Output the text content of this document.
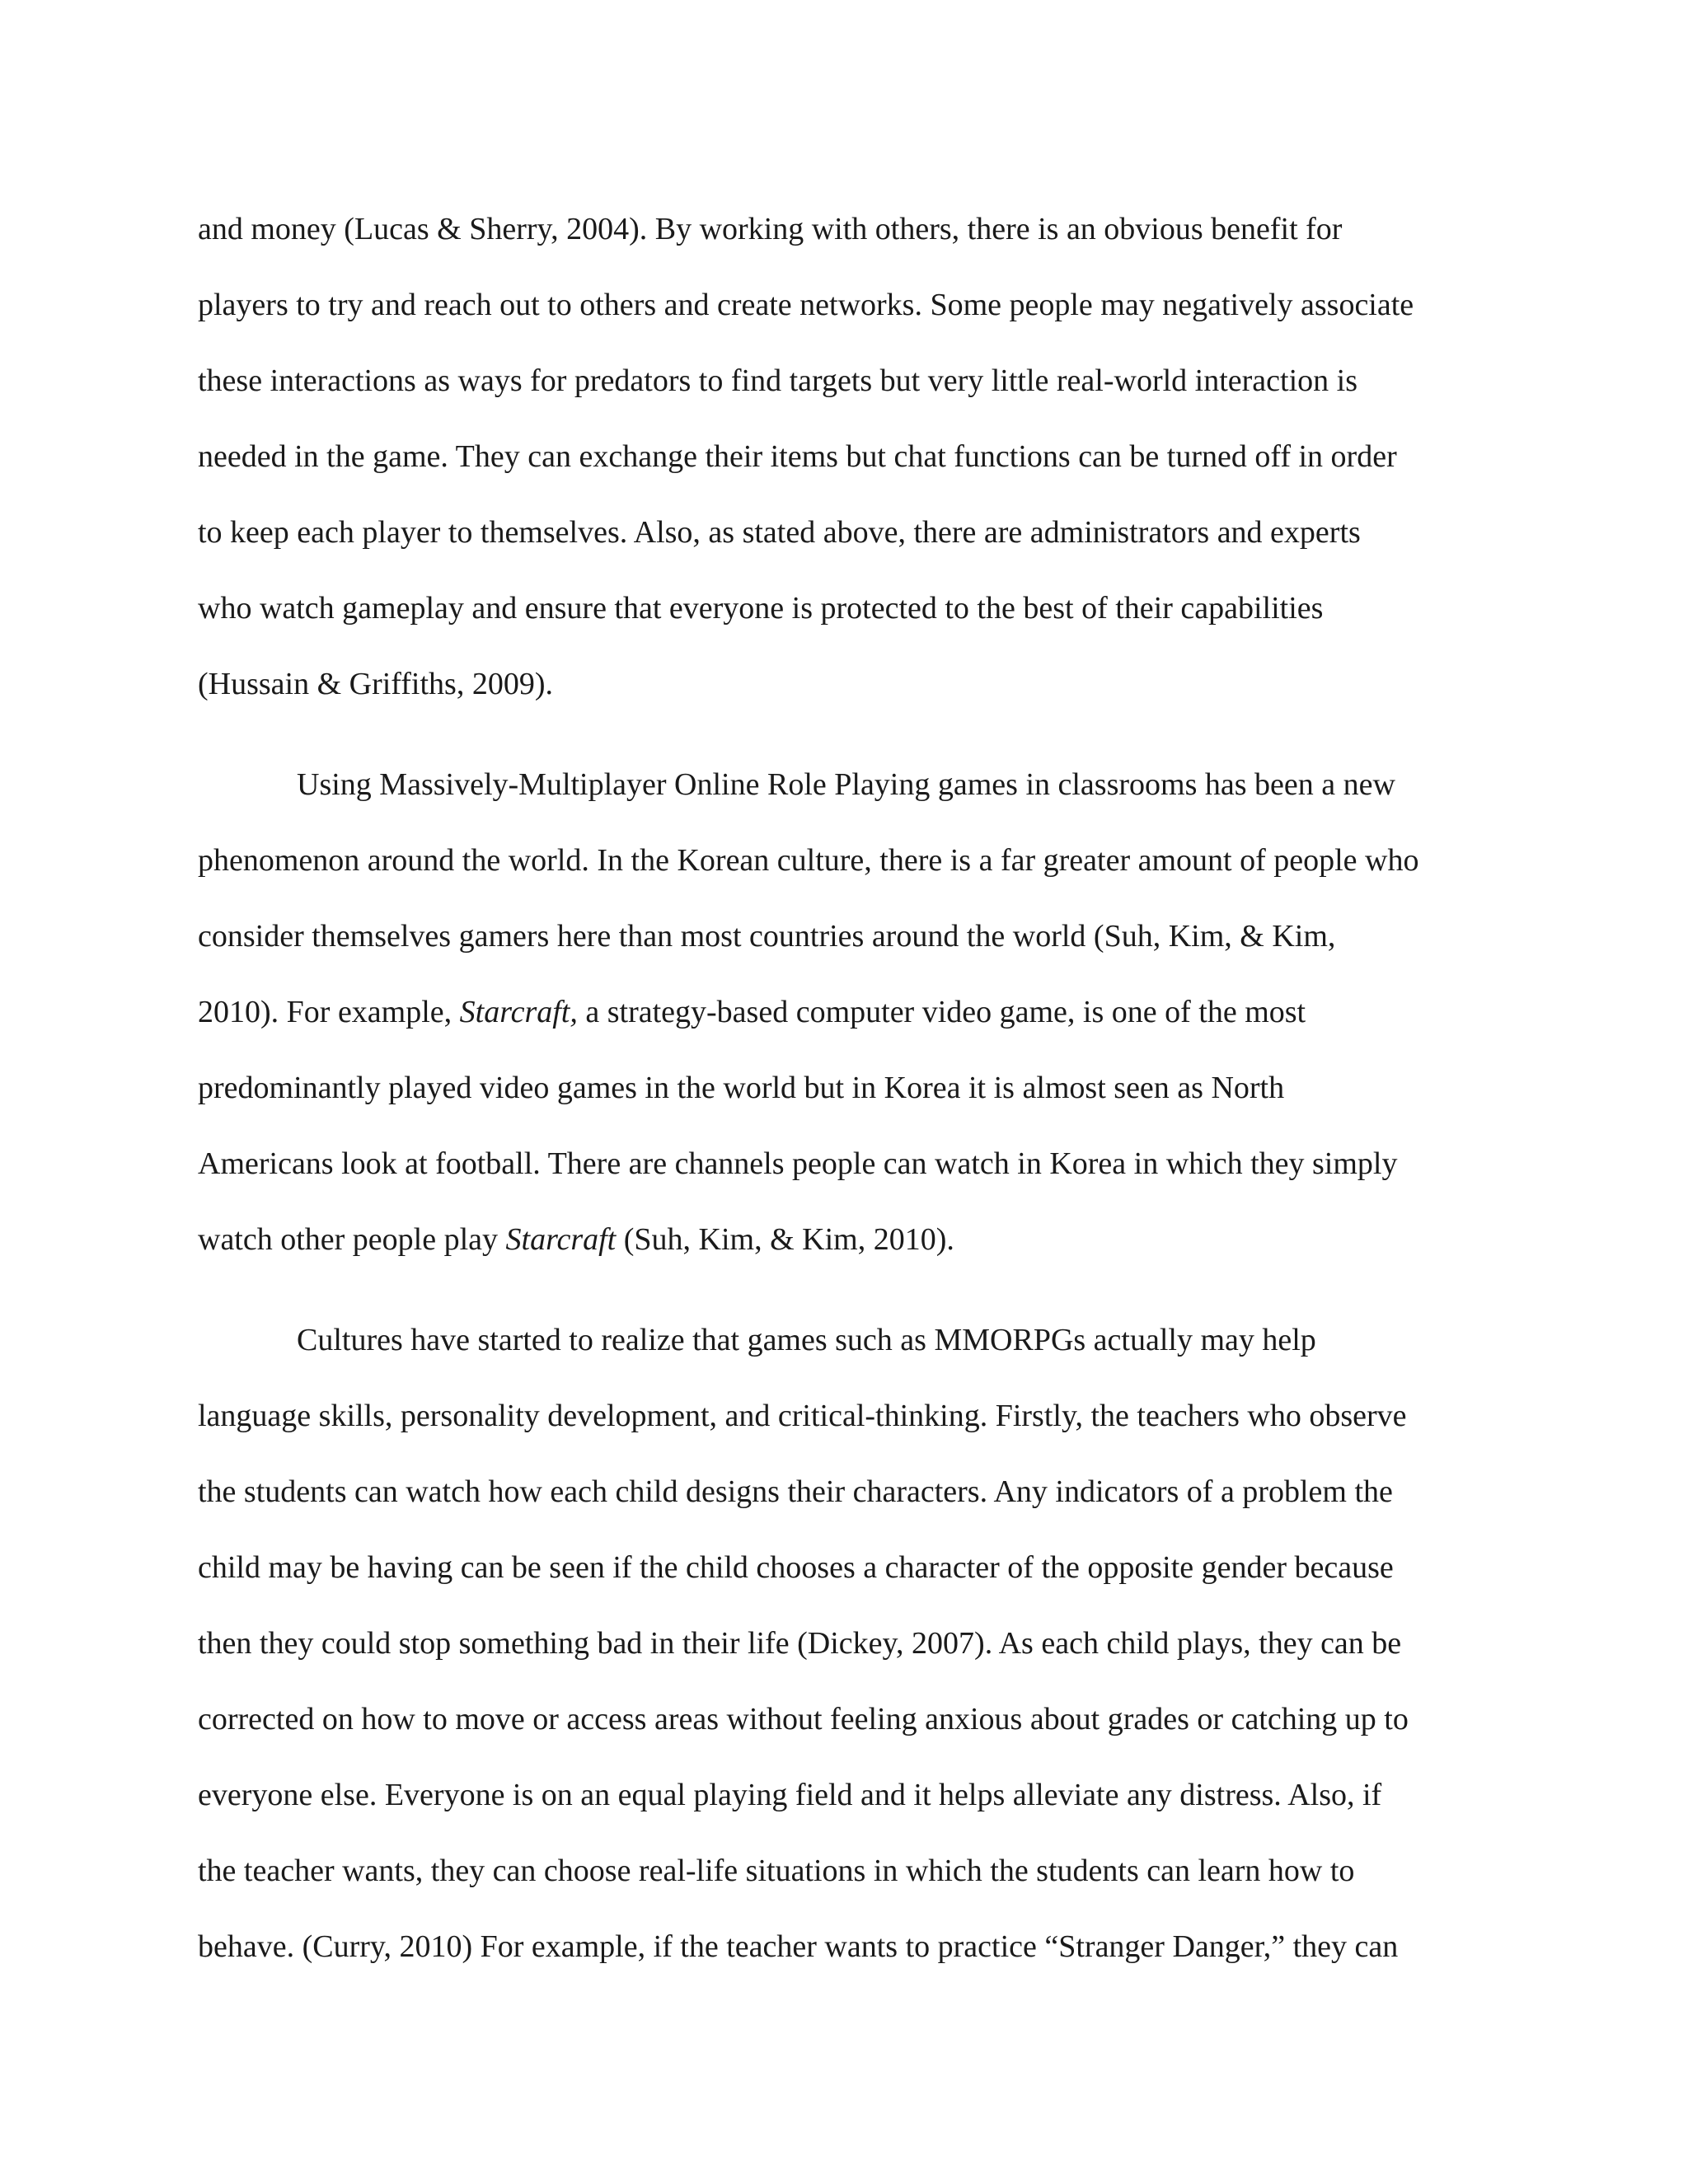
and money (Lucas & Sherry, 2004). By working with others, there is an obvious benefit for
players to try and reach out to others and create networks. Some people may negatively associate
these interactions as ways for predators to find targets but very little real-world interaction is
needed in the game. They can exchange their items but chat functions can be turned off in order
to keep each player to themselves. Also, as stated above, there are administrators and experts
who watch gameplay and ensure that everyone is protected to the best of their capabilities
(Hussain & Griffiths, 2009).

Using Massively-Multiplayer Online Role Playing games in classrooms has been a new
phenomenon around the world. In the Korean culture, there is a far greater amount of people who
consider themselves gamers here than most countries around the world (Suh, Kim, & Kim,
2010). For example, Starcraft, a strategy-based computer video game, is one of the most
predominantly played video games in the world but in Korea it is almost seen as North
Americans look at football. There are channels people can watch in Korea in which they simply
watch other people play Starcraft (Suh, Kim, & Kim, 2010).

Cultures have started to realize that games such as MMORPGs actually may help
language skills, personality development, and critical-thinking. Firstly, the teachers who observe
the students can watch how each child designs their characters. Any indicators of a problem the
child may be having can be seen if the child chooses a character of the opposite gender because
then they could stop something bad in their life (Dickey, 2007). As each child plays, they can be
corrected on how to move or access areas without feeling anxious about grades or catching up to
everyone else. Everyone is on an equal playing field and it helps alleviate any distress. Also, if
the teacher wants, they can choose real-life situations in which the students can learn how to
behave. (Curry, 2010) For example, if the teacher wants to practice “Stranger Danger,” they can
